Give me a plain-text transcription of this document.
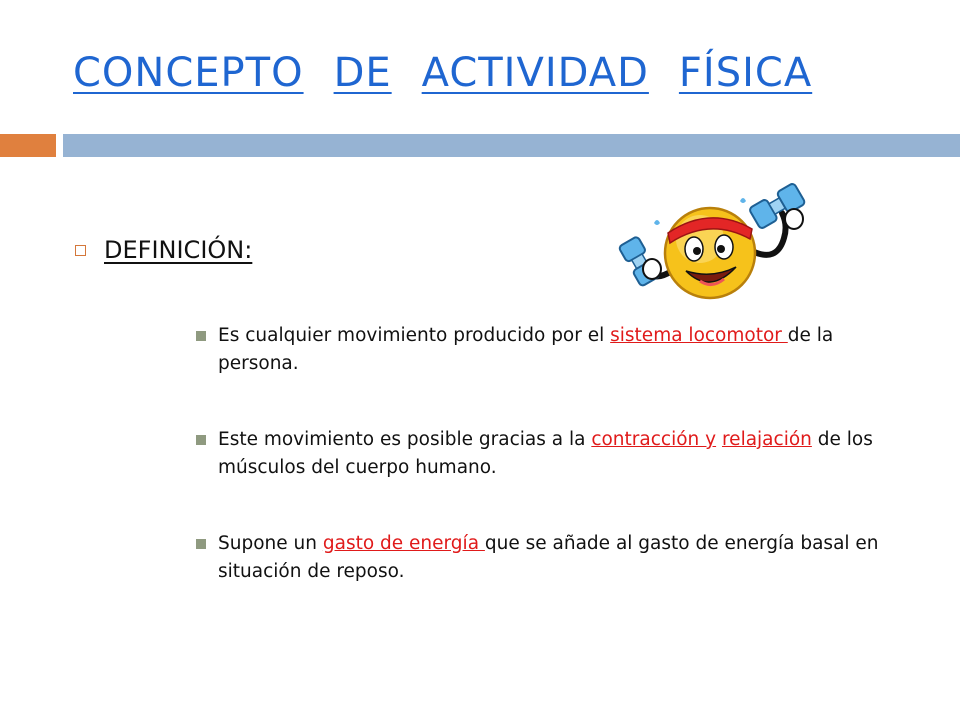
CONCEPTO DE ACTIVIDAD FÍSICA
DEFINICIÓN:
Es cualquier movimiento producido por el sistema locomotor de la persona.
Este movimiento es posible gracias a la contracción y relajación de los músculos del cuerpo humano.
Supone un gasto de energía que se añade al gasto de energía basal en situación de reposo.
